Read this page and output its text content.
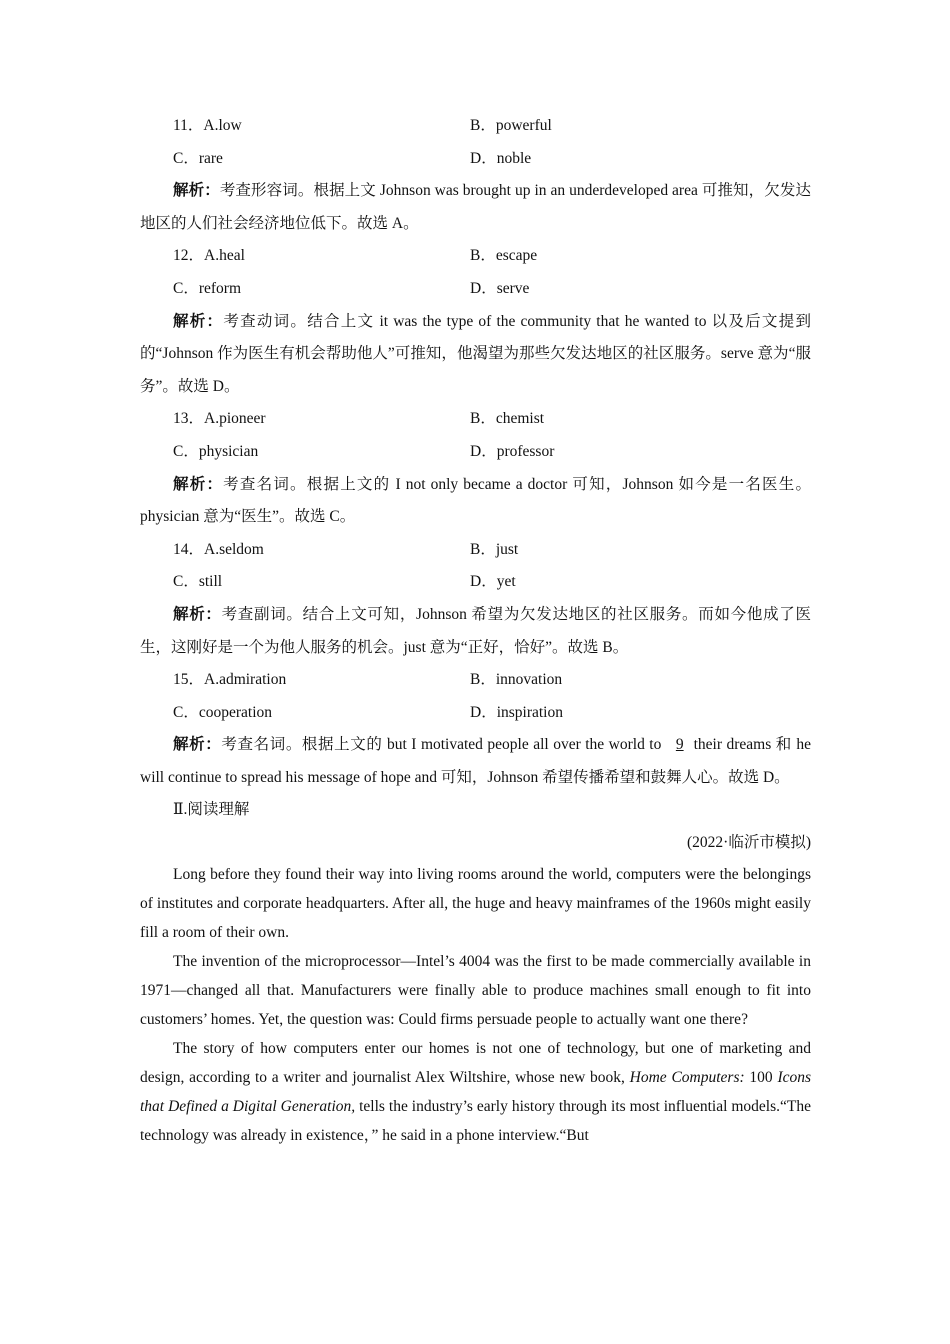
11．A.low	B．powerful
C．rare	D．noble

解析：考查形容词。根据上文 Johnson was brought up in an underdeveloped area 可推知，欠发达地区的人们社会经济地位低下。故选 A。

12．A.heal	B．escape
C．reform	D．serve

解析：考查动词。结合上文 it was the type of the community that he wanted to 以及后文提到的“Johnson 作为医生有机会帮助他人”可推知，他渴望为那些欠发达地区的社区服务。serve 意为“服务”。故选 D。

13．A.pioneer	B．chemist
C．physician	D．professor

解析：考查名词。根据上文的 I not only became a doctor 可知，Johnson 如今是一名医生。physician 意为“医生”。故选 C。

14．A.seldom	B．just
C．still	D．yet

解析：考查副词。结合上文可知，Johnson 希望为欠发达地区的社区服务。而如今他成了医生，这刚好是一个为他人服务的机会。just 意为“正好，恰好”。故选 B。

15．A.admiration	B．innovation
C．cooperation	D．inspiration

解析：考查名词。根据上文的 but I motivated people all over the world to 9 their dreams 和 he will continue to spread his message of hope and 可知，Johnson 希望传播希望和鼓舞人心。故选 D。

Ⅱ.阅读理解
(2022·临沂市模拟)

Long before they found their way into living rooms around the world, computers were the belongings of institutes and corporate headquarters. After all, the huge and heavy mainframes of the 1960s might easily fill a room of their own.

The invention of the microprocessor—Intel’s 4004 was the first to be made commercially available in 1971—changed all that. Manufacturers were finally able to produce machines small enough to fit into customers’ homes. Yet, the question was: Could firms persuade people to actually want one there?

The story of how computers enter our homes is not one of technology, but one of marketing and design, according to a writer and journalist Alex Wiltshire, whose new book, Home Computers: 100 Icons that Defined a Digital Generation, tells the industry’s early history through its most influential models.“The technology was already in existence，” he said in a phone interview.“But
